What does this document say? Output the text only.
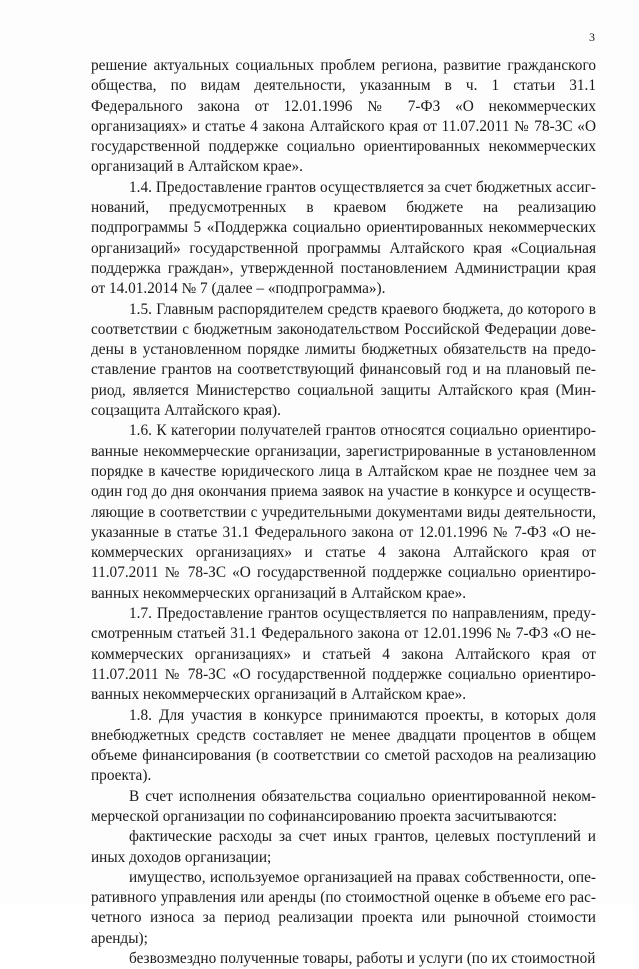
3

решение актуальных социальных проблем региона, развитие гражданского общества, по видам деятельности, указанным в ч. 1 статьи 31.1 Федерального закона от 12.01.1996 № 7-ФЗ «О некоммерческих организациях» и статье 4 закона Алтайского края от 11.07.2011 № 78-ЗС «О государственной поддержке социально ориентированных некоммерческих организаций в Алтайском крае».

1.4. Предоставление грантов осуществляется за счет бюджетных ассигнований, предусмотренных в краевом бюджете на реализацию подпрограммы 5 «Поддержка социально ориентированных некоммерческих организаций» государственной программы Алтайского края «Социальная поддержка граждан», утвержденной постановлением Администрации края от 14.01.2014 № 7 (далее – «подпрограмма»).

1.5. Главным распорядителем средств краевого бюджета, до которого в соответствии с бюджетным законодательством Российской Федерации доведены в установленном порядке лимиты бюджетных обязательств на предоставление грантов на соответствующий финансовый год и на плановый период, является Министерство социальной защиты Алтайского края (Минсоцзащита Алтайского края).

1.6. К категории получателей грантов относятся социально ориентированные некоммерческие организации, зарегистрированные в установленном порядке в качестве юридического лица в Алтайском крае не позднее чем за один год до дня окончания приема заявок на участие в конкурсе и осуществляющие в соответствии с учредительными документами виды деятельности, указанные в статье 31.1 Федерального закона от 12.01.1996 № 7-ФЗ «О некоммерческих организациях» и статье 4 закона Алтайского края от 11.07.2011 № 78-ЗС «О государственной поддержке социально ориентированных некоммерческих организаций в Алтайском крае».

1.7. Предоставление грантов осуществляется по направлениям, предусмотренным статьей 31.1 Федерального закона от 12.01.1996 № 7-ФЗ «О некоммерческих организациях» и статьей 4 закона Алтайского края от 11.07.2011 № 78-ЗС «О государственной поддержке социально ориентированных некоммерческих организаций в Алтайском крае».

1.8. Для участия в конкурсе принимаются проекты, в которых доля внебюджетных средств составляет не менее двадцати процентов в общем объеме финансирования (в соответствии со сметой расходов на реализацию проекта).

В счет исполнения обязательства социально ориентированной некоммерческой организации по софинансированию проекта засчитываются:

фактические расходы за счет иных грантов, целевых поступлений и иных доходов организации;

имущество, используемое организацией на правах собственности, оперативного управления или аренды (по стоимостной оценке в объеме его расчетного износа за период реализации проекта или рыночной стоимости аренды);

безвозмездно полученные товары, работы и услуги (по их стоимостной
